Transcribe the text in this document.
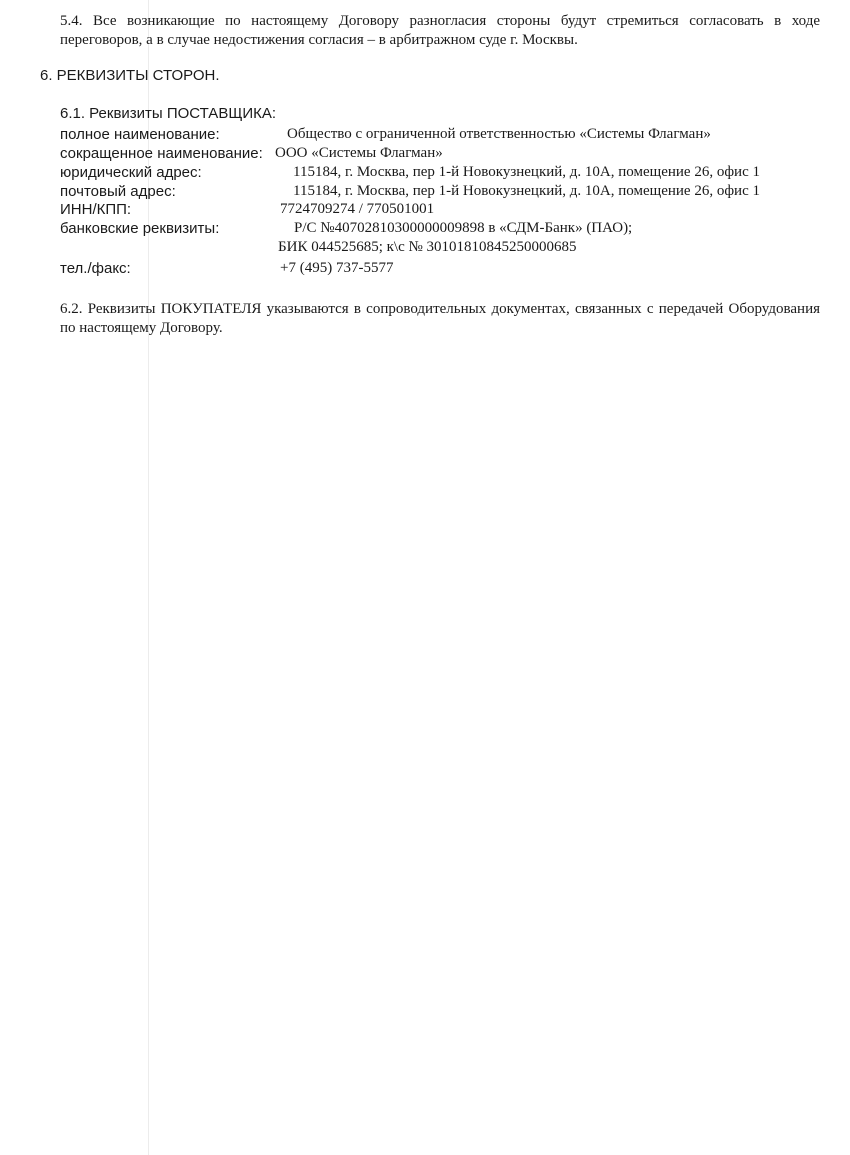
5.4. Все возникающие по настоящему Договору разногласия стороны будут стремиться согласовать в ходе переговоров, а в случае недостижения согласия – в арбитражном суде г. Москвы.
6. РЕКВИЗИТЫ СТОРОН.
6.1. Реквизиты ПОСТАВЩИКА:
полное наименование:	Общество с ограниченной ответственностью «Системы Флагман»
сокращенное наименование: ООО «Системы Флагман»
юридический адрес:	115184, г. Москва, пер 1-й Новокузнецкий, д. 10А, помещение 26, офис 1
почтовый адрес:	115184, г. Москва, пер 1-й Новокузнецкий, д. 10А, помещение 26, офис 1
ИНН/КПП:	7724709274 / 770501001
банковские реквизиты:	Р/С №40702810300000009898 в «СДМ-Банк» (ПАО);
БИК 044525685; к\с № 30101810845250000685
тел./факс:	+7 (495) 737-5577
6.2. Реквизиты ПОКУПАТЕЛЯ указываются в сопроводительных документах, связанных с передачей Оборудования по настоящему Договору.
